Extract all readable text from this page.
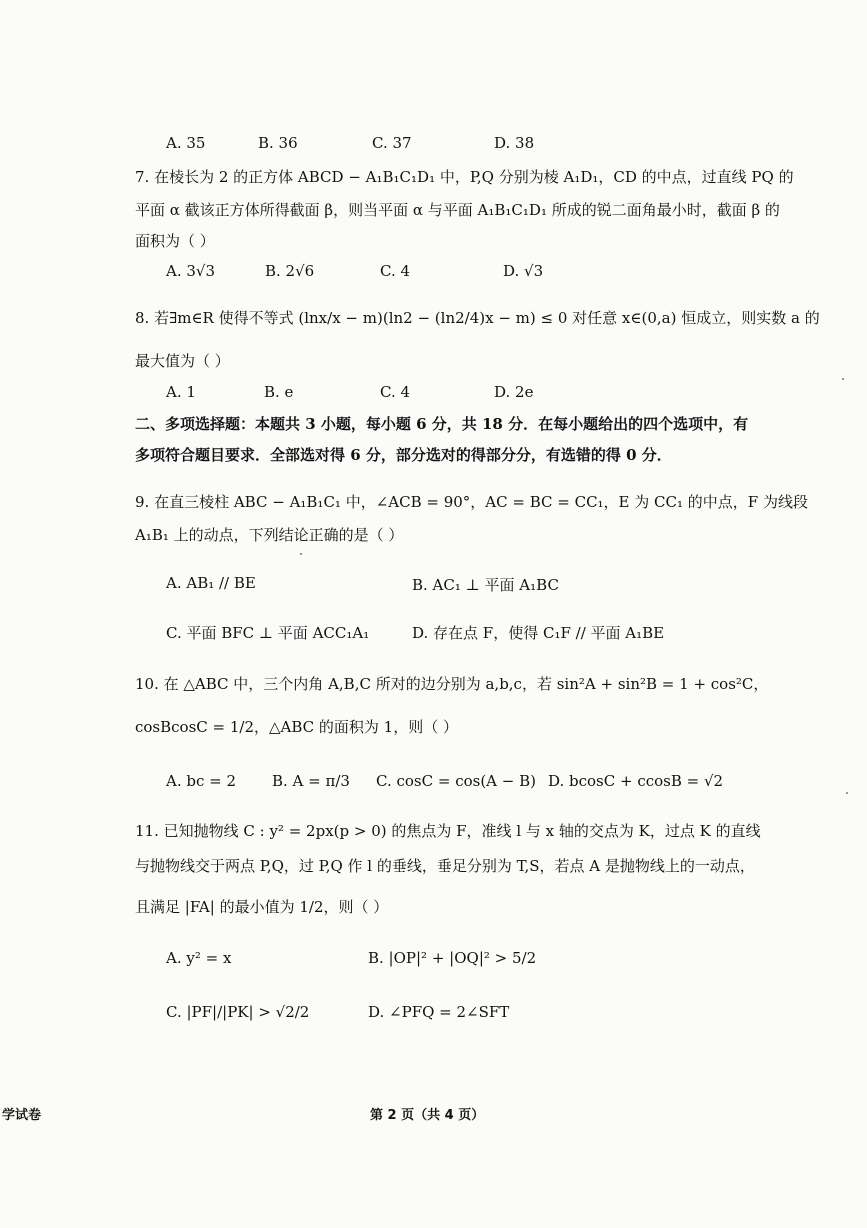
A. 35	B. 36	C. 37	D. 38
7. 在棱长为 2 的正方体 ABCD − A₁B₁C₁D₁ 中，P,Q 分别为棱 A₁D₁，CD 的中点，过直线 PQ 的
平面 α 截该正方体所得截面 β，则当平面 α 与平面 A₁B₁C₁D₁ 所成的锐二面角最小时，截面 β 的
面积为（ ）
A. 3√3	B. 2√6	C. 4	D. √3
8. 若∃m∈R 使得不等式 (lnx/x − m)(ln2 − (ln2/4)x − m) ≤ 0 对任意 x∈(0,a) 恒成立，则实数 a 的
最大值为（ ）
A. 1	B. e	C. 4	D. 2e
二、多项选择题：本题共 3 小题，每小题 6 分，共 18 分．在每小题给出的四个选项中，有
多项符合题目要求．全部选对得 6 分，部分选对的得部分分，有选错的得 0 分．
9. 在直三棱柱 ABC − A₁B₁C₁ 中，∠ACB = 90°，AC = BC = CC₁，E 为 CC₁ 的中点，F 为线段
A₁B₁ 上的动点，下列结论正确的是（ ）
A. AB₁ // BE	B. AC₁ ⊥ 平面 A₁BC
C. 平面 BFC ⊥ 平面 ACC₁A₁	D. 存在点 F，使得 C₁F // 平面 A₁BE
10. 在 △ABC 中，三个内角 A,B,C 所对的边分别为 a,b,c，若 sin²A + sin²B = 1 + cos²C，
cosBcosC = 1/2，△ABC 的面积为 1，则（ ）
A. bc = 2 B. A = π/3 C. cosC = cos(A − B) D. bcosC + ccosB = √2
11. 已知抛物线 C : y² = 2px(p > 0) 的焦点为 F，准线 l 与 x 轴的交点为 K，过点 K 的直线
与抛物线交于两点 P,Q，过 P,Q 作 l 的垂线，垂足分别为 T,S，若点 A 是抛物线上的一动点，
且满足 |FA| 的最小值为 1/2，则（ ）
A. y² = x	B. |OP|² + |OQ|² > 5/2
C. |PF|/|PK| > √2/2	D. ∠PFQ = 2∠SFT
学试卷	第 2 页（共 4 页）
